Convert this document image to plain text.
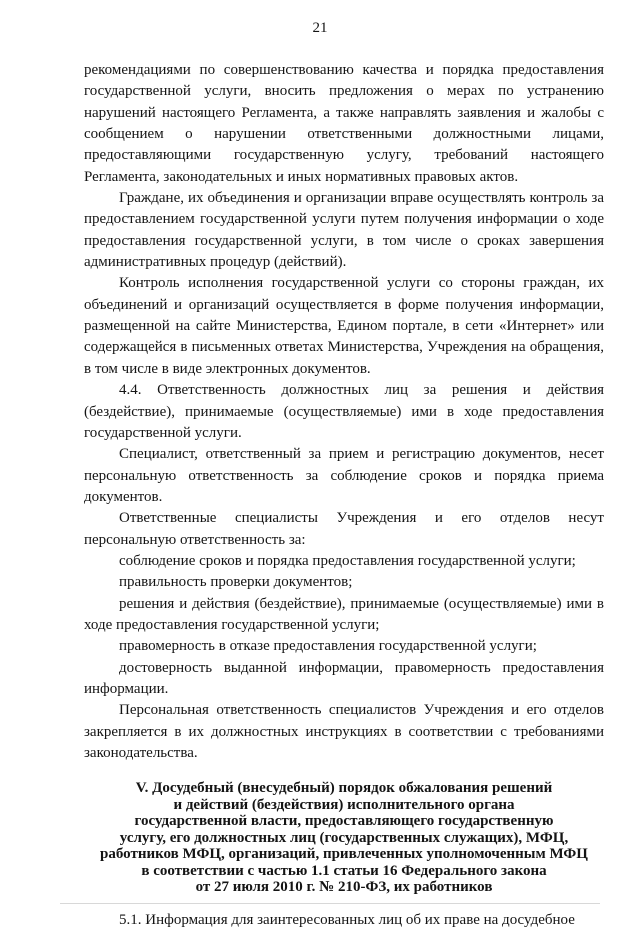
21

рекомендациями по совершенствованию качества и порядка предоставления государственной услуги, вносить предложения о мерах по устранению нарушений настоящего Регламента, а также направлять заявления и жалобы с сообщением о нарушении ответственными должностными лицами, предоставляющими государственную услугу, требований настоящего Регламента, законодательных и иных нормативных правовых актов.

Граждане, их объединения и организации вправе осуществлять контроль за предоставлением государственной услуги путем получения информации о ходе предоставления государственной услуги, в том числе о сроках завершения административных процедур (действий).

Контроль исполнения государственной услуги со стороны граждан, их объединений и организаций осуществляется в форме получения информации, размещенной на сайте Министерства, Едином портале, в сети «Интернет» или содержащейся в письменных ответах Министерства, Учреждения на обращения, в том числе в виде электронных документов.

4.4. Ответственность должностных лиц за решения и действия (бездействие), принимаемые (осуществляемые) ими в ходе предоставления государственной услуги.

Специалист, ответственный за прием и регистрацию документов, несет персональную ответственность за соблюдение сроков и порядка приема документов.

Ответственные специалисты Учреждения и его отделов несут персональную ответственность за:

соблюдение сроков и порядка предоставления государственной услуги;

правильность проверки документов;

решения и действия (бездействие), принимаемые (осуществляемые) ими в ходе предоставления государственной услуги;

правомерность в отказе предоставления государственной услуги;

достоверность выданной информации, правомерность предоставления информации.

Персональная ответственность специалистов Учреждения и его отделов закрепляется в их должностных инструкциях в соответствии с требованиями законодательства.

V. Досудебный (внесудебный) порядок обжалования решений
и действий (бездействия) исполнительного органа
государственной власти, предоставляющего государственную
услугу, его должностных лиц (государственных служащих), МФЦ,
работников МФЦ, организаций, привлеченных уполномоченным МФЦ
в соответствии с частью 1.1 статьи 16 Федерального закона
от 27 июля 2010 г. № 210-ФЗ, их работников

5.1. Информация для заинтересованных лиц об их праве на досудебное
